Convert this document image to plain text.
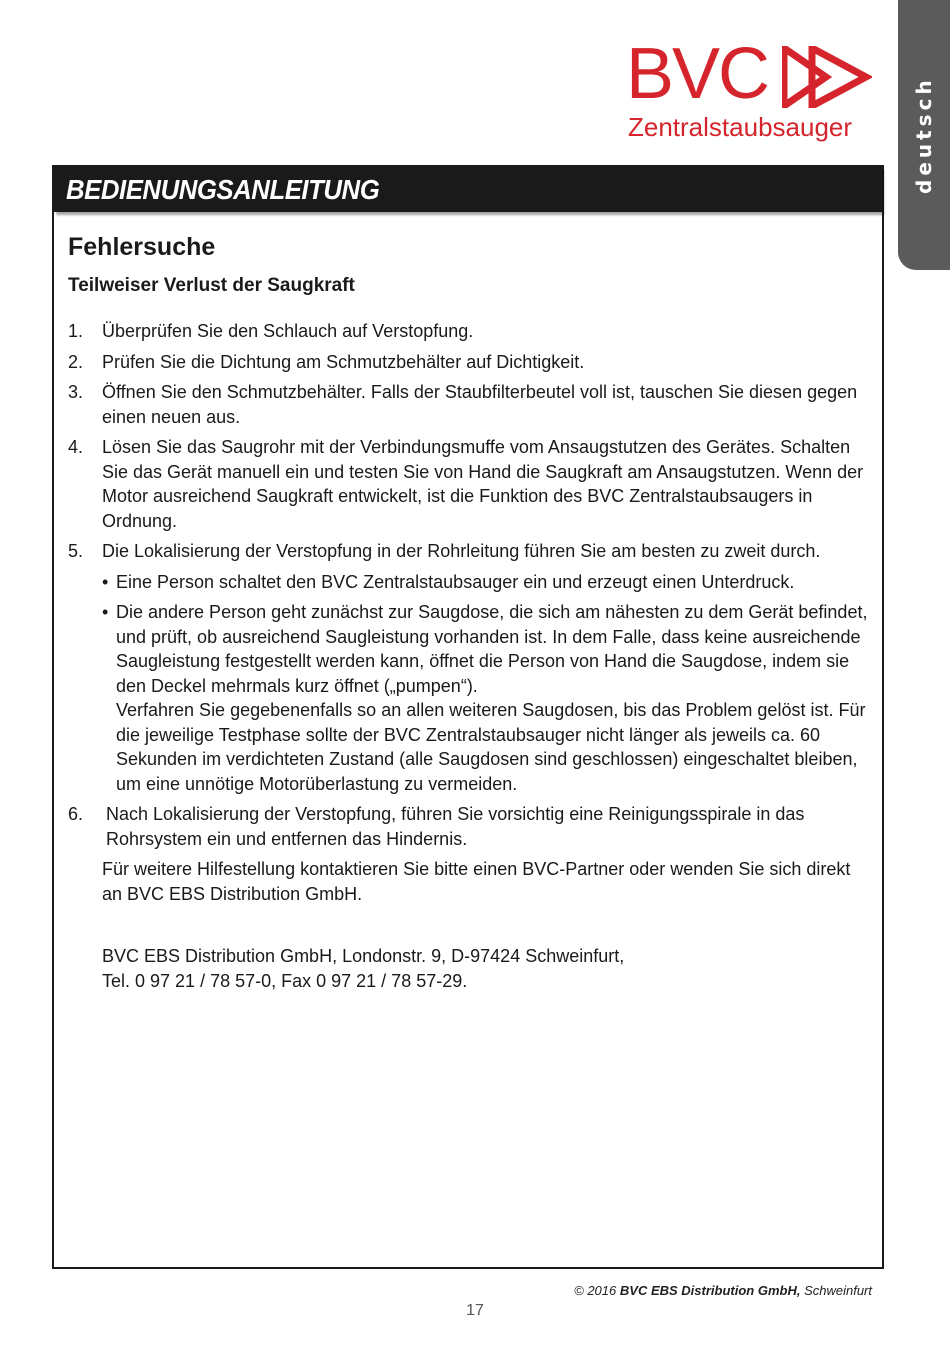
deutsch
BVC
Zentralstaubsauger
BEDIENUNGSANLEITUNG
Fehlersuche
Teilweiser Verlust der Saugkraft
1. Überprüfen Sie den Schlauch auf Verstopfung.
2. Prüfen Sie die Dichtung am Schmutzbehälter auf Dichtigkeit.
3. Öffnen Sie den Schmutzbehälter. Falls der Staubfilterbeutel voll ist, tauschen Sie diesen gegen einen neuen aus.
4. Lösen Sie das Saugrohr mit der Verbindungsmuffe vom Ansaugstutzen des Gerätes. Schalten Sie das Gerät manuell ein und testen Sie von Hand die Saugkraft am Ansaugstutzen. Wenn der Motor ausreichend Saugkraft entwickelt, ist die Funktion des BVC Zentralstaubsaugers in Ordnung.
5. Die Lokalisierung der Verstopfung in der Rohrleitung führen Sie am besten zu zweit durch.
• Eine Person schaltet den BVC Zentralstaubsauger ein und erzeugt einen Unterdruck.
• Die andere Person geht zunächst zur Saugdose, die sich am nähesten zu dem Gerät befindet, und prüft, ob ausreichend Saugleistung vorhanden ist. In dem Falle, dass keine ausreichende Saugleistung festgestellt werden kann, öffnet die Person von Hand die Saugdose, indem sie den Deckel mehrmals kurz öffnet („pumpen“).
Verfahren Sie gegebenenfalls so an allen weiteren Saugdosen, bis das Problem gelöst ist. Für die jeweilige Testphase sollte der BVC Zentralstaubsauger nicht länger als jeweils ca. 60 Sekunden im verdichteten Zustand (alle Saugdosen sind geschlossen) eingeschaltet bleiben, um eine unnötige Motorüberlastung zu vermeiden.
6. Nach Lokalisierung der Verstopfung, führen Sie vorsichtig eine Reinigungsspirale in das Rohrsystem ein und entfernen das Hindernis.
Für weitere Hilfestellung kontaktieren Sie bitte einen BVC-Partner oder wenden Sie sich direkt an BVC EBS Distribution GmbH.
BVC EBS Distribution GmbH, Londonstr. 9, D-97424 Schweinfurt,
Tel. 0 97 21 / 78 57-0, Fax 0 97 21 / 78 57-29.
© 2016 BVC EBS Distribution GmbH, Schweinfurt
17
